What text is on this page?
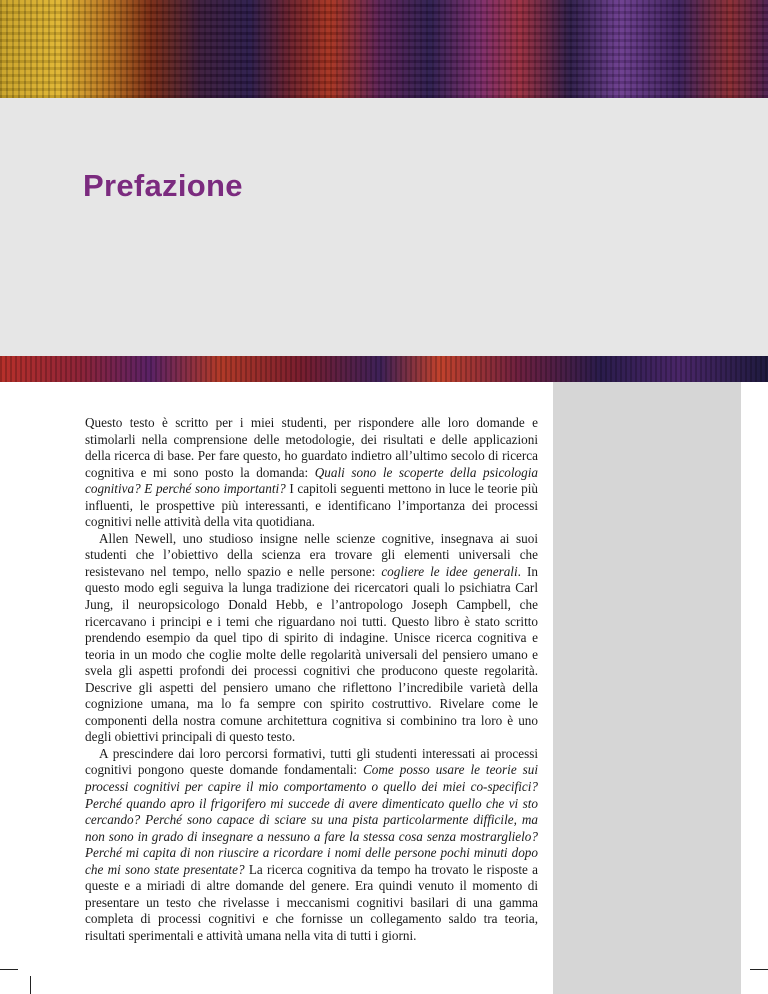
Prefazione

Questo testo è scritto per i miei studenti, per rispondere alle loro domande e stimolarli nella comprensione delle metodologie, dei risultati e delle applicazioni della ricerca di base. Per fare questo, ho guardato indietro all’ultimo secolo di ricerca cognitiva e mi sono posto la domanda: Quali sono le scoperte della psicologia cognitiva? E perché sono importanti? I capitoli seguenti mettono in luce le teorie più influenti, le prospettive più interessanti, e identificano l’importanza dei processi cognitivi nelle attività della vita quotidiana.

Allen Newell, uno studioso insigne nelle scienze cognitive, insegnava ai suoi studenti che l’obiettivo della scienza era trovare gli elementi universali che resistevano nel tempo, nello spazio e nelle persone: cogliere le idee generali. In questo modo egli seguiva la lunga tradizione dei ricercatori quali lo psichiatra Carl Jung, il neuropsicologo Donald Hebb, e l’antropologo Joseph Campbell, che ricercavano i principi e i temi che riguardano noi tutti. Questo libro è stato scritto prendendo esempio da quel tipo di spirito di indagine. Unisce ricerca cognitiva e teoria in un modo che coglie molte delle regolarità universali del pensiero umano e svela gli aspetti profondi dei processi cognitivi che producono queste regolarità. Descrive gli aspetti del pensiero umano che riflettono l’incredibile varietà della cognizione umana, ma lo fa sempre con spirito costruttivo. Rivelare come le componenti della nostra comune architettura cognitiva si combinino tra loro è uno degli obiettivi principali di questo testo.

A prescindere dai loro percorsi formativi, tutti gli studenti interessati ai processi cognitivi pongono queste domande fondamentali: Come posso usare le teorie sui processi cognitivi per capire il mio comportamento o quello dei miei co-specifici? Perché quando apro il frigorifero mi succede di avere dimenticato quello che vi sto cercando? Perché sono capace di sciare su una pista particolarmente difficile, ma non sono in grado di insegnare a nessuno a fare la stessa cosa senza mostrarglielo? Perché mi capita di non riuscire a ricordare i nomi delle persone pochi minuti dopo che mi sono state presentate? La ricerca cognitiva da tempo ha trovato le risposte a queste e a miriadi di altre domande del genere. Era quindi venuto il momento di presentare un testo che rivelasse i meccanismi cognitivi basilari di una gamma completa di processi cognitivi e che fornisse un collegamento saldo tra teoria, risultati sperimentali e attività umana nella vita di tutti i giorni.
